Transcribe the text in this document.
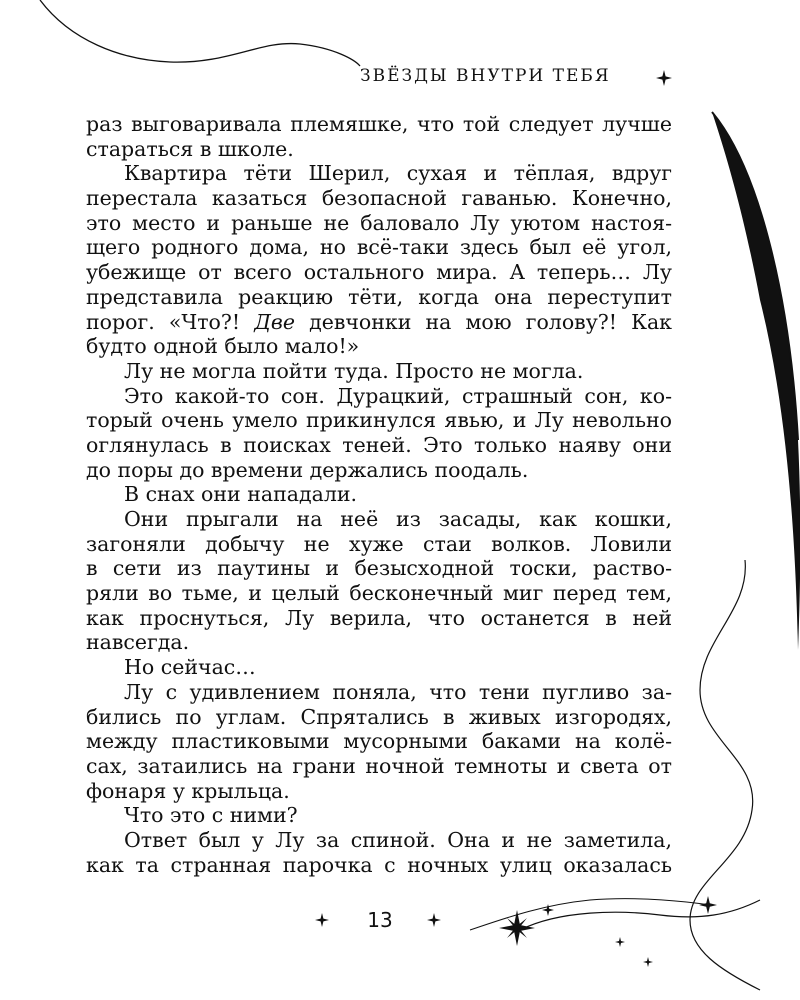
ЗВЁЗДЫ ВНУТРИ ТЕБЯ
раз выговаривала племяшке, что той следует лучше
стараться в школе.
Квартира тёти Шерил, сухая и тёплая, вдруг
перестала казаться безопасной гаванью. Конечно,
это место и раньше не баловало Лу уютом настоя-
щего родного дома, но всё-таки здесь был её угол,
убежище от всего остального мира. А теперь… Лу
представила реакцию тёти, когда она переступит
порог. «Что?! Две девчонки на мою голову?! Как
будто одной было мало!»
Лу не могла пойти туда. Просто не могла.
Это какой-то сон. Дурацкий, страшный сон, ко-
торый очень умело прикинулся явью, и Лу невольно
оглянулась в поисках теней. Это только наяву они
до поры до времени держались поодаль.
В снах они нападали.
Они прыгали на неё из засады, как кошки,
загоняли добычу не хуже стаи волков. Ловили
в сети из паутины и безысходной тоски, раство-
ряли во тьме, и целый бесконечный миг перед тем,
как проснуться, Лу верила, что останется в ней
навсегда.
Но сейчас…
Лу с удивлением поняла, что тени пугливо за-
бились по углам. Спрятались в живых изгородях,
между пластиковыми мусорными баками на колё-
сах, затаились на грани ночной темноты и света от
фонаря у крыльца.
Что это с ними?
Ответ был у Лу за спиной. Она и не заметила,
как та странная парочка с ночных улиц оказалась
13
